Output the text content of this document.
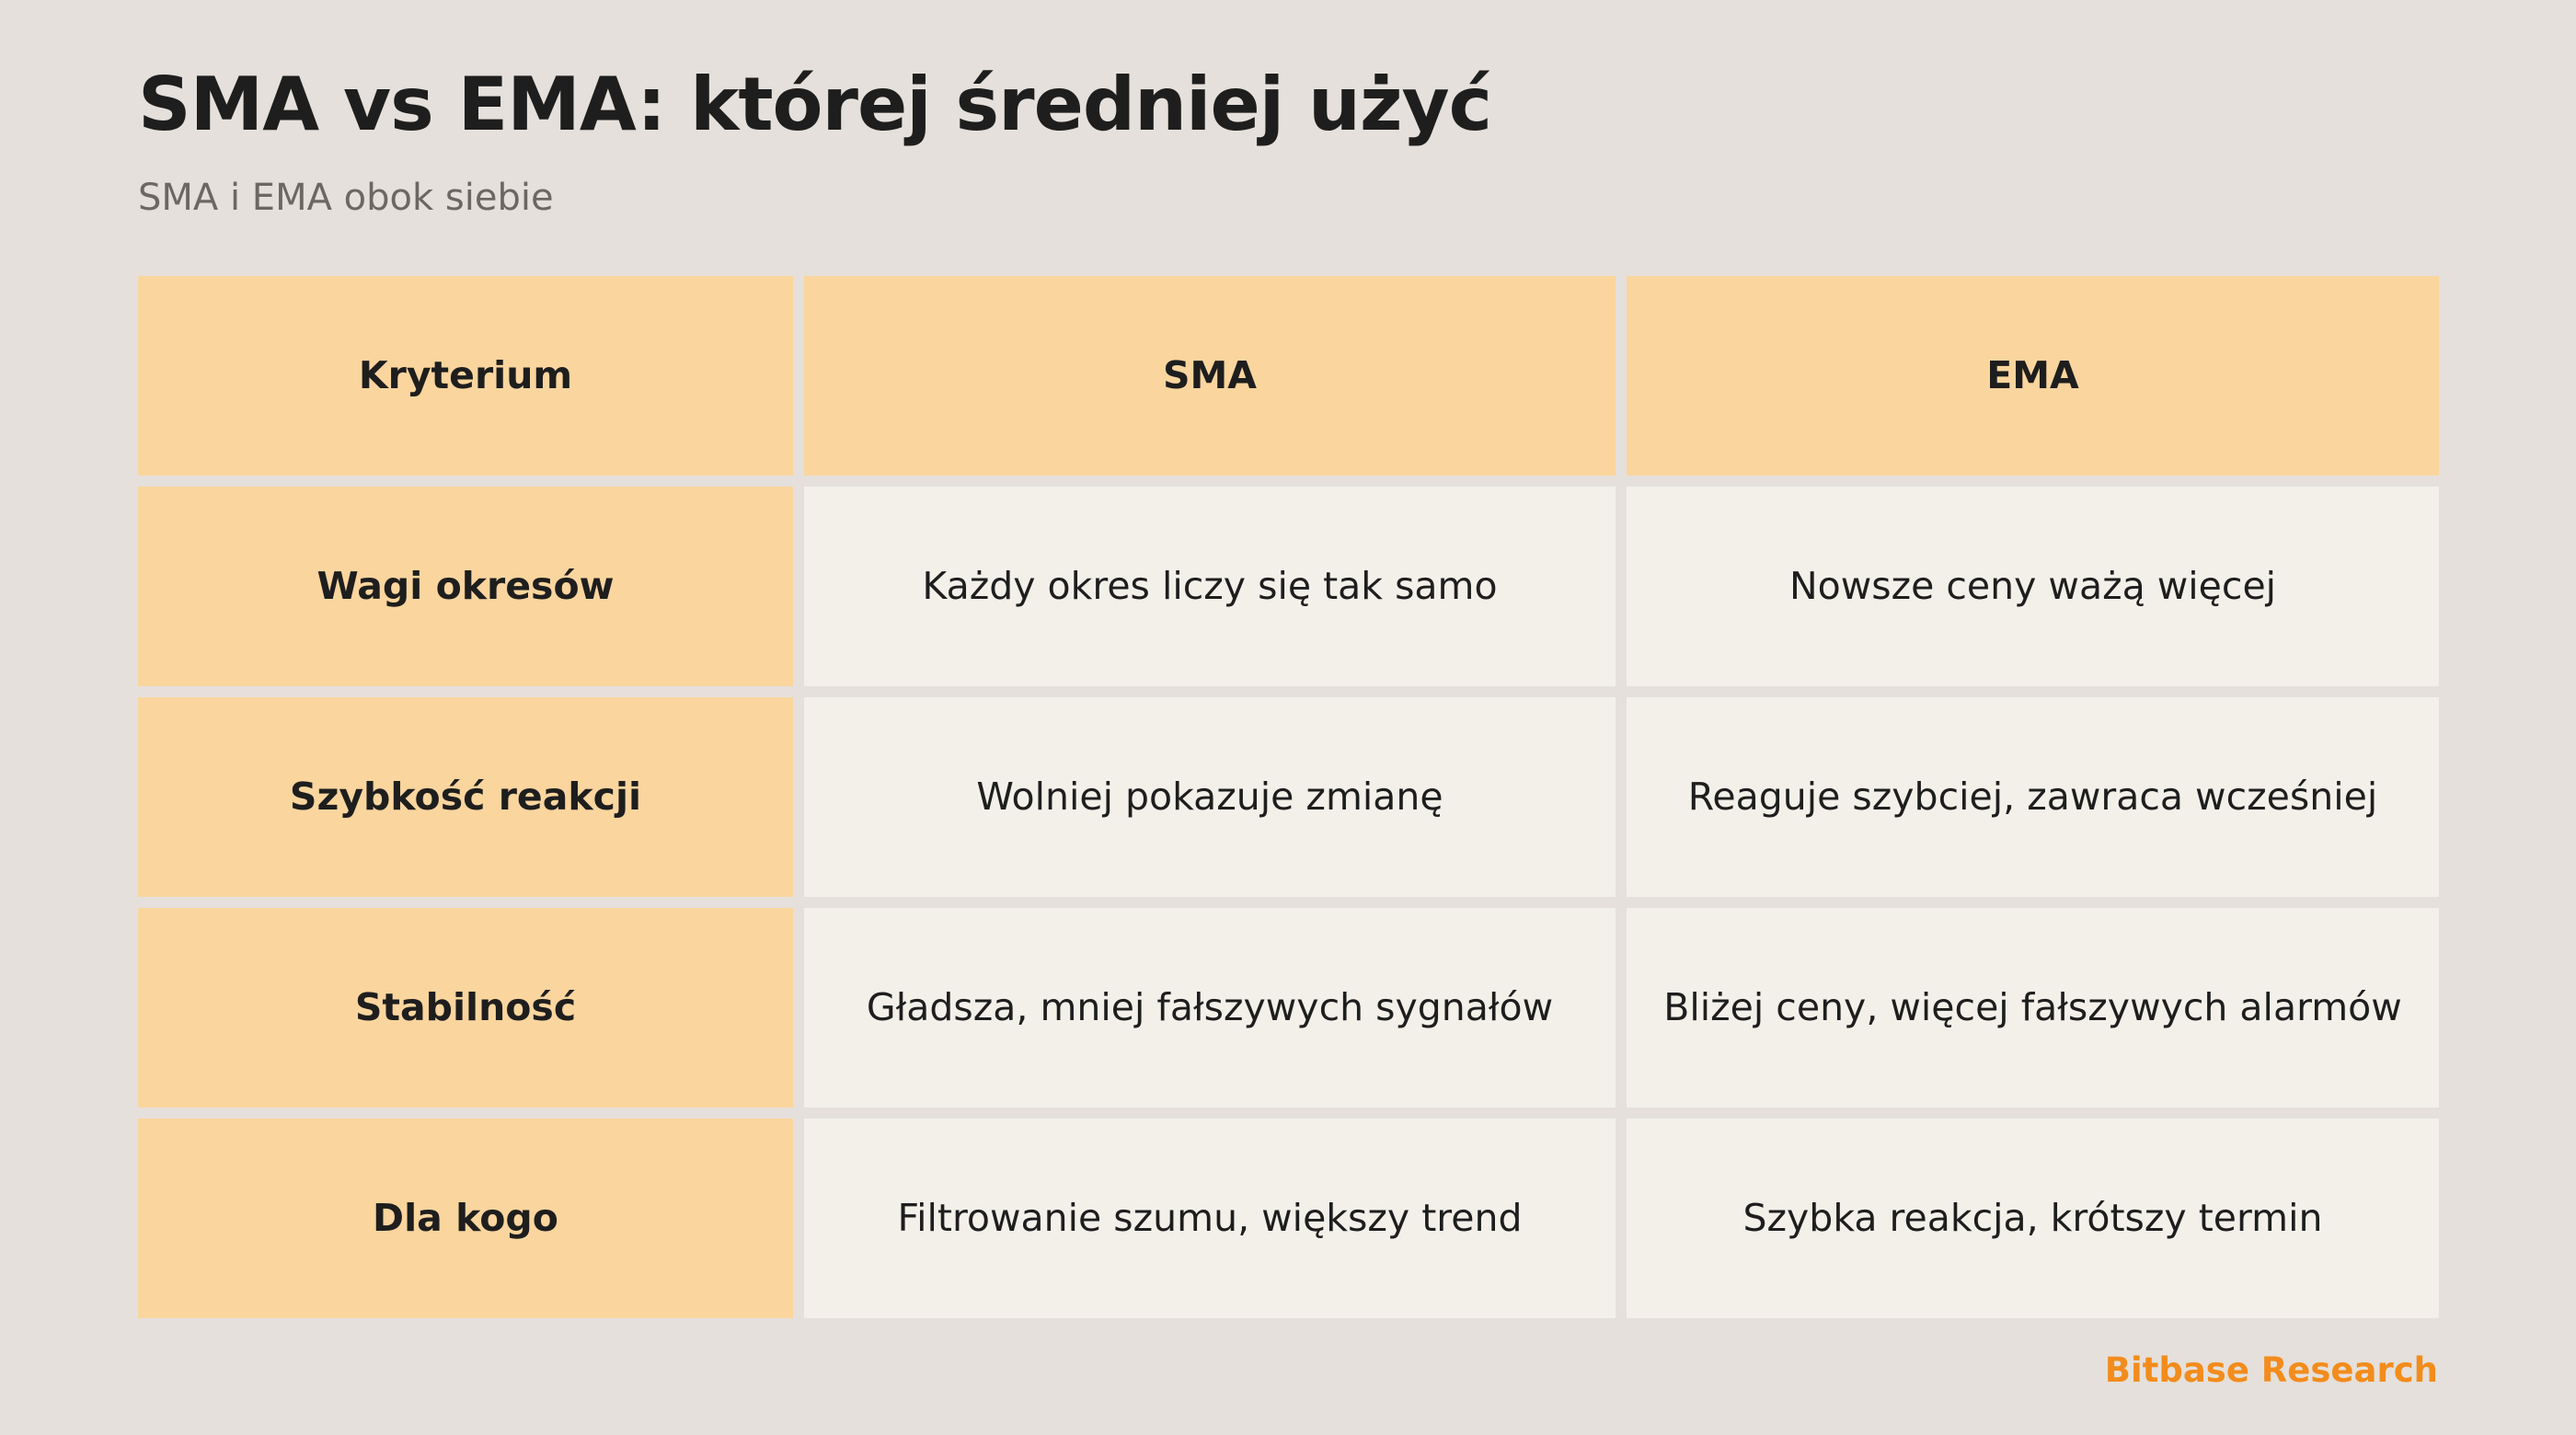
SMA vs EMA: której średniej użyć
SMA i EMA obok siebie
Kryterium	SMA	EMA
Wagi okresów	Każdy okres liczy się tak samo	Nowsze ceny ważą więcej
Szybkość reakcji	Wolniej pokazuje zmianę	Reaguje szybciej, zawraca wcześniej
Stabilność	Gładsza, mniej fałszywych sygnałów	Bliżej ceny, więcej fałszywych alarmów
Dla kogo	Filtrowanie szumu, większy trend	Szybka reakcja, krótszy termin
Bitbase Research
